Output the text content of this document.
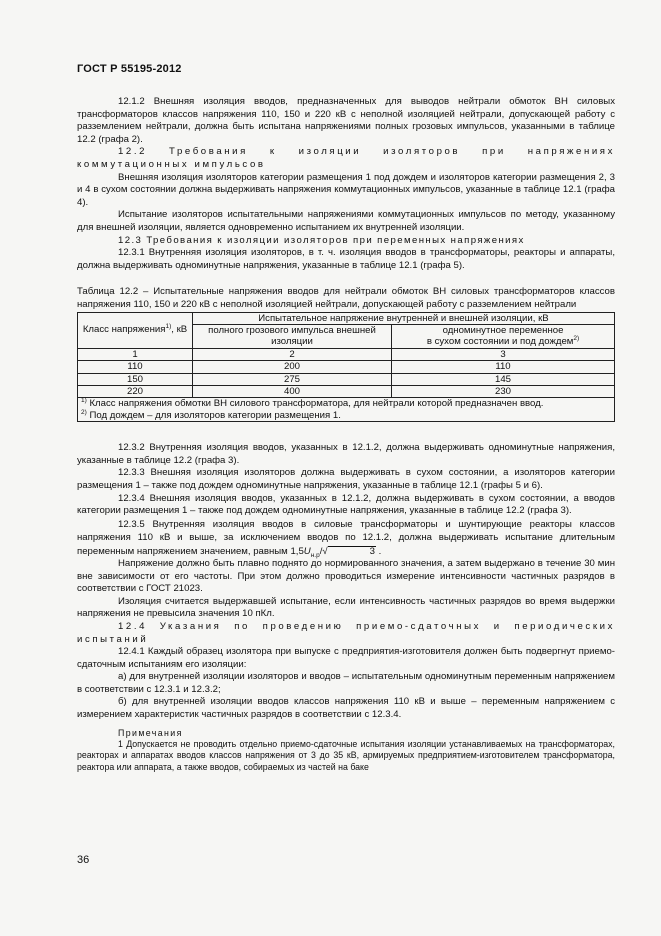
ГОСТ Р 55195-2012

12.1.2 Внешняя изоляция вводов, предназначенных для выводов нейтрали обмоток ВН силовых трансформаторов классов напряжения 110, 150 и 220 кВ с неполной изоляцией нейтрали, допускающей работу с разземлением нейтрали, должна быть испытана напряжениями полных грозовых импульсов, указанными в таблице 12.2 (графа 2).

12.2 Требования к изоляции изоляторов при напряжениях коммутационных импульсов

Внешняя изоляция изоляторов категории размещения 1 под дождем и изоляторов категории размещения 2, 3 и 4 в сухом состоянии должна выдерживать напряжения коммутационных импульсов, указанные в таблице 12.1 (графа 4).

Испытание изоляторов испытательными напряжениями коммутационных импульсов по методу, указанному для внешней изоляции, является одновременно испытанием их внутренней изоляции.

12.3 Требования к изоляции изоляторов при переменных напряжениях

12.3.1 Внутренняя изоляция изоляторов, в т. ч. изоляция вводов в трансформаторы, реакторы и аппараты, должна выдерживать одноминутные напряжения, указанные в таблице 12.1 (графа 5).

Таблица 12.2 – Испытательные напряжения вводов для нейтрали обмоток ВН силовых трансформаторов классов напряжения 110, 150 и 220 кВ с неполной изоляцией нейтрали, допускающей работу с разземлением нейтрали

Класс напряжения$^{1)}$, кВ	Испытательное напряжение внутренней и внешней изоляции, кВ	
	полного грозового импульса внешней изоляции	одноминутное переменное
в сухом состоянии и под дождем$^{2)}$

1	2	3
110	200	110
150	275	145
220	400	230
$^{1)}$ Класс напряжения обмотки ВН силового трансформатора, для нейтрали которой предназначен ввод.		
$^{2)}$ Под дождем – для изоляторов категории размещения 1.		

12.3.2 Внутренняя изоляция вводов, указанных в 12.1.2, должна выдерживать одноминутные напряжения, указанные в таблице 12.2 (графа 3).

12.3.3 Внешняя изоляция изоляторов должна выдерживать в сухом состоянии, а изоляторов категории размещения 1 – также под дождем одноминутные напряжения, указанные в таблице 12.1 (графы 5 и 6).

12.3.4 Внешняя изоляция вводов, указанных в 12.1.2, должна выдерживать в сухом состоянии, а вводов категории размещения 1 – также под дождем одноминутные напряжения, указанные в таблице 12.2 (графа 3).

12.3.5 Внутренняя изоляция вводов в силовые трансформаторы и шунтирующие реакторы классов напряжения 110 кВ и выше, за исключением вводов по 12.1.2, должна выдерживать испытание длительным переменным напряжением значением, равным $1,5U_{н.р}/√$	3 .

Напряжение должно быть плавно поднято до нормированного значения, а затем выдержано в течение 30 мин вне зависимости от его частоты. При этом должно проводиться измерение интенсивности частичных разрядов в соответствии с ГОСТ 21023.

Изоляция считается выдержавшей испытание, если интенсивность частичных разрядов во время выдержки напряжения не превысила значения 10 пКл.

12.4 Указания по проведению приемо-сдаточных и периодических испытаний

12.4.1 Каждый образец изолятора при выпуске с предприятия-изготовителя должен быть подвергнут приемо-сдаточным испытаниям его изоляции:

а) для внутренней изоляции изоляторов и вводов – испытательным одноминутным переменным напряжением в соответствии с 12.3.1 и 12.3.2;

б) для внутренней изоляции вводов классов напряжения 110 кВ и выше – переменным напряжением с измерением характеристик частичных разрядов в соответствии с 12.3.4.

Примечания

1 Допускается не проводить отдельно приемо-сдаточные испытания изоляции устанавливаемых на трансформаторах, реакторах и аппаратах вводов классов напряжения от 3 до 35 кВ, армируемых предприятием-изготовителем трансформатора, реактора или аппарата, а также вводов, собираемых из частей на баке

36
